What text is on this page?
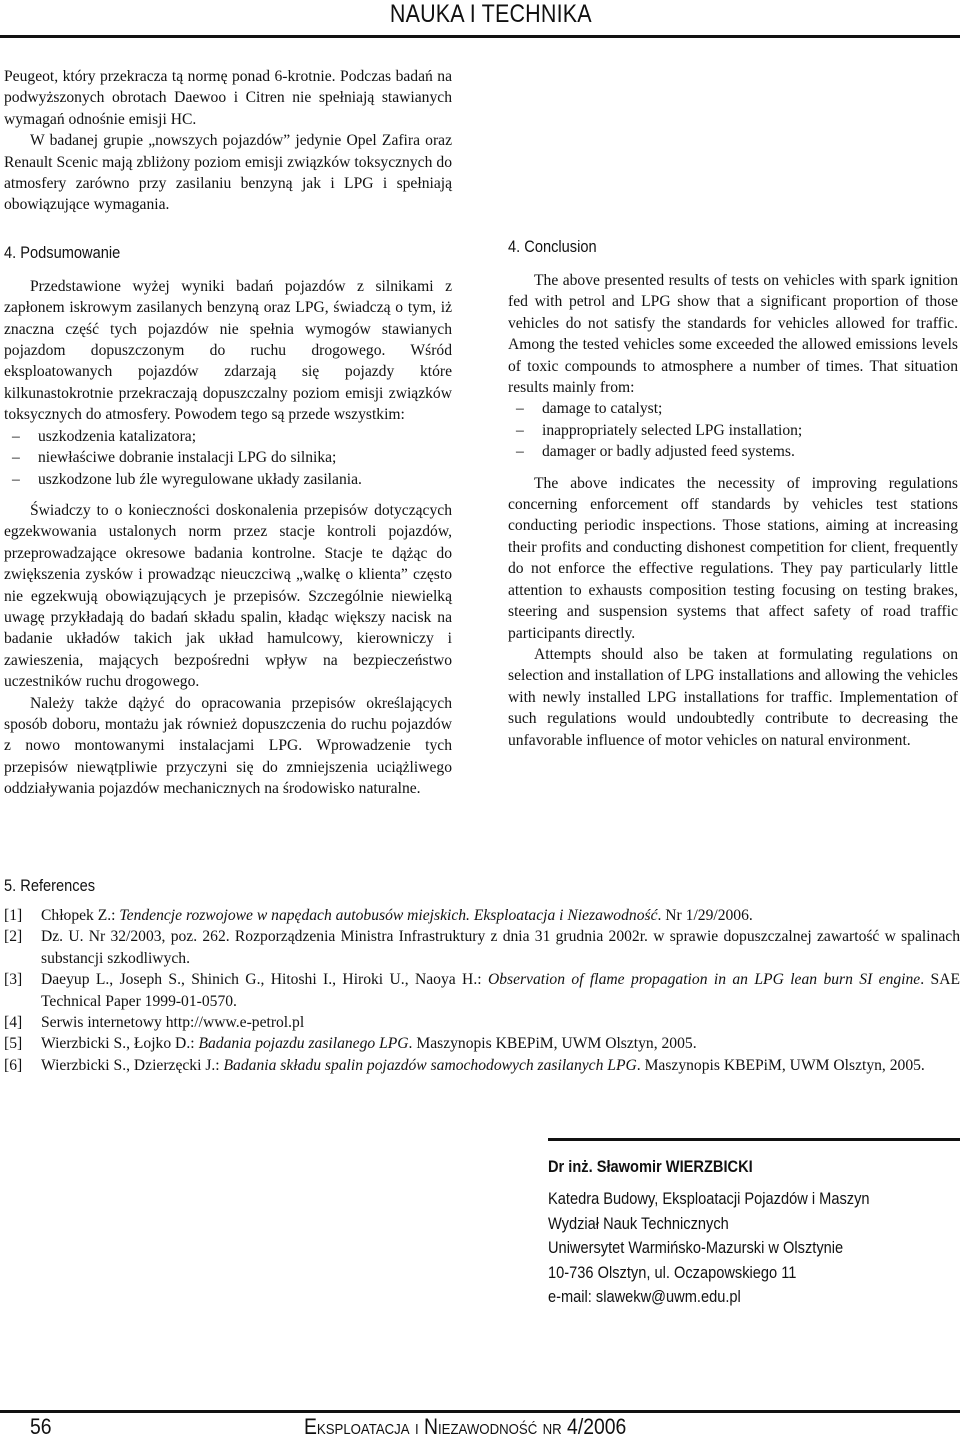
NAUKA I TECHNIKA

Peugeot, który przekracza tą normę ponad 6-krotnie. Podczas badań na podwyższonych obrotach Daewoo i Citren nie spełniają stawianych wymagań odnośnie emisji HC.

W badanej grupie „nowszych pojazdów” jedynie Opel Zafira oraz Renault Scenic mają zbliżony poziom emisji związków toksycznych do atmosfery zarówno przy zasilaniu benzyną jak i LPG i spełniają obowiązujące wymagania.

4. Podsumowanie

Przedstawione wyżej wyniki badań pojazdów z silnikami z zapłonem iskrowym zasilanych benzyną oraz LPG, świadczą o tym, iż znaczna część tych pojazdów nie spełnia wymogów stawianych pojazdom dopuszczonym do ruchu drogowego. Wśród eksploatowanych pojazdów zdarzają się pojazdy które kilkunastokrotnie przekraczają dopuszczalny poziom emisji związków toksycznych do atmosfery. Powodem tego są przede wszystkim:

– uszkodzenia katalizatora;

– niewłaściwe dobranie instalacji LPG do silnika;

– uszkodzone lub źle wyregulowane układy zasilania.

Świadczy to o konieczności doskonalenia przepisów dotyczących egzekwowania ustalonych norm przez stacje kontroli pojazdów, przeprowadzające okresowe badania kontrolne. Stacje te dążąc do zwiększenia zysków i prowadząc nieuczciwą „walkę o klienta” często nie egzekwują obowiązujących je przepisów. Szczególnie niewielką uwagę przykładają do badań składu spalin, kładąc większy nacisk na badanie układów takich jak układ hamulcowy, kierowniczy i zawieszenia, mających bezpośredni wpływ na bezpieczeństwo uczestników ruchu drogowego.

Należy także dążyć do opracowania przepisów określających sposób doboru, montażu jak również dopuszczenia do ruchu pojazdów z nowo montowanymi instalacjami LPG. Wprowadzenie tych przepisów niewątpliwie przyczyni się do zmniejszenia uciążliwego oddziaływania pojazdów mechanicznych na środowisko naturalne.

4. Conclusion

The above presented results of tests on vehicles with spark ignition fed with petrol and LPG show that a significant proportion of those vehicles do not satisfy the standards for vehicles allowed for traffic. Among the tested vehicles some exceeded the allowed emissions levels of toxic compounds to atmosphere a number of times. That situation results mainly from:

– damage to catalyst;

– inappropriately selected LPG installation;

– damager or badly adjusted feed systems.

The above indicates the necessity of improving regulations concerning enforcement off standards by vehicles test stations conducting periodic inspections. Those stations, aiming at increasing their profits and conducting dishonest competition for client, frequently do not enforce the effective regulations. They pay particularly little attention to exhausts composition testing focusing on testing brakes, steering and suspension systems that affect safety of road traffic participants directly.

Attempts should also be taken at formulating regulations on selection and installation of LPG installations and allowing the vehicles with newly installed LPG installations for traffic. Implementation of such regulations would undoubtedly contribute to decreasing the unfavorable influence of motor vehicles on natural environment.

5. References

[1] Chłopek Z.: Tendencje rozwojowe w napędach autobusów miejskich. Eksploatacja i Niezawodność. Nr 1/29/2006.

[2] Dz. U. Nr 32/2003, poz. 262. Rozporządzenia Ministra Infrastruktury z dnia 31 grudnia 2002r. w sprawie dopuszczalnej zawartość w spalinach substancji szkodliwych.

[3] Daeyup L., Joseph S., Shinich G., Hitoshi I., Hiroki U., Naoya H.: Observation of flame propagation in an LPG lean burn SI engine. SAE Technical Paper 1999-01-0570.

[4] Serwis internetowy http://www.e-petrol.pl

[5] Wierzbicki S., Łojko D.: Badania pojazdu zasilanego LPG. Maszynopis KBEPiM, UWM Olsztyn, 2005.

[6] Wierzbicki S., Dzierzęcki J.: Badania składu spalin pojazdów samochodowych zasilanych LPG. Maszynopis KBEPiM, UWM Olsztyn, 2005.

Dr inż. Sławomir WIERZBICKI
Katedra Budowy, Eksploatacji Pojazdów i Maszyn
Wydział Nauk Technicznych
Uniwersytet Warmińsko-Mazurski w Olsztynie
10-736 Olsztyn, ul. Oczapowskiego 11
e-mail: slawekw@uwm.edu.pl
56	Eksploatacja i Niezawodność nr 4/2006
